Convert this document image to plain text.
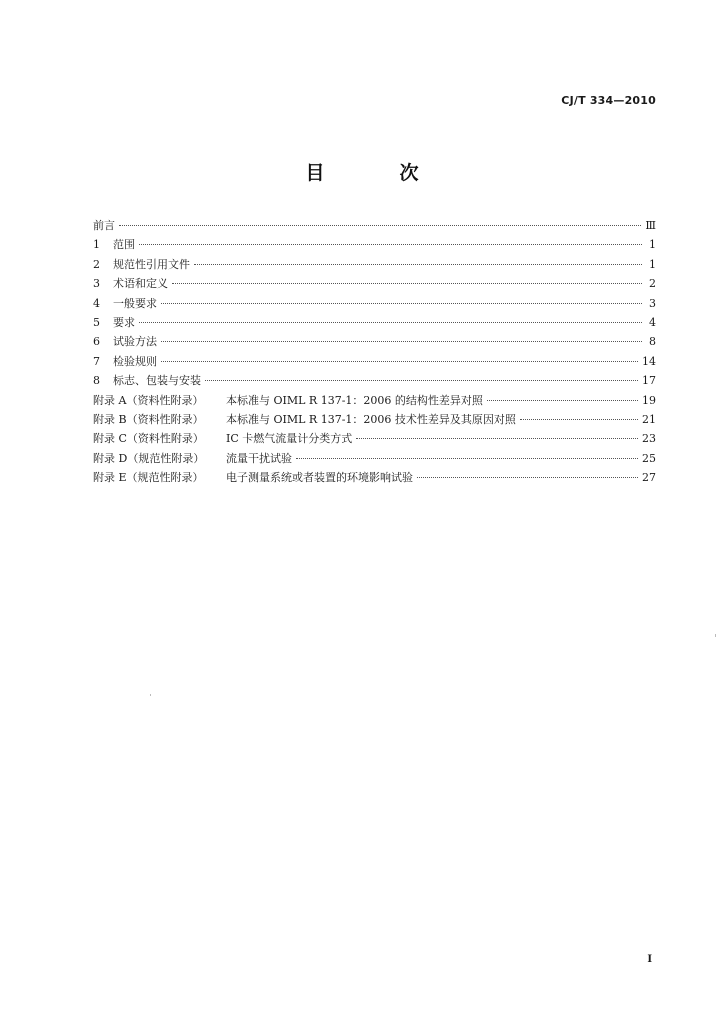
CJ/T 334—2010
目　次
前言	Ⅲ
1	范围	1
2	规范性引用文件	1
3	术语和定义	2
4	一般要求	3
5	要求	4
6	试验方法	8
7	检验规则	14
8	标志、包装与安装	17
附录 A（资料性附录）	本标准与 OIML R 137-1：2006 的结构性差异对照	19
附录 B（资料性附录）	本标准与 OIML R 137-1：2006 技术性差异及其原因对照	21
附录 C（资料性附录）	IC 卡燃气流量计分类方式	23
附录 D（规范性附录）	流量干扰试验	25
附录 E（规范性附录）	电子测量系统或者装置的环境影响试验	27
I
